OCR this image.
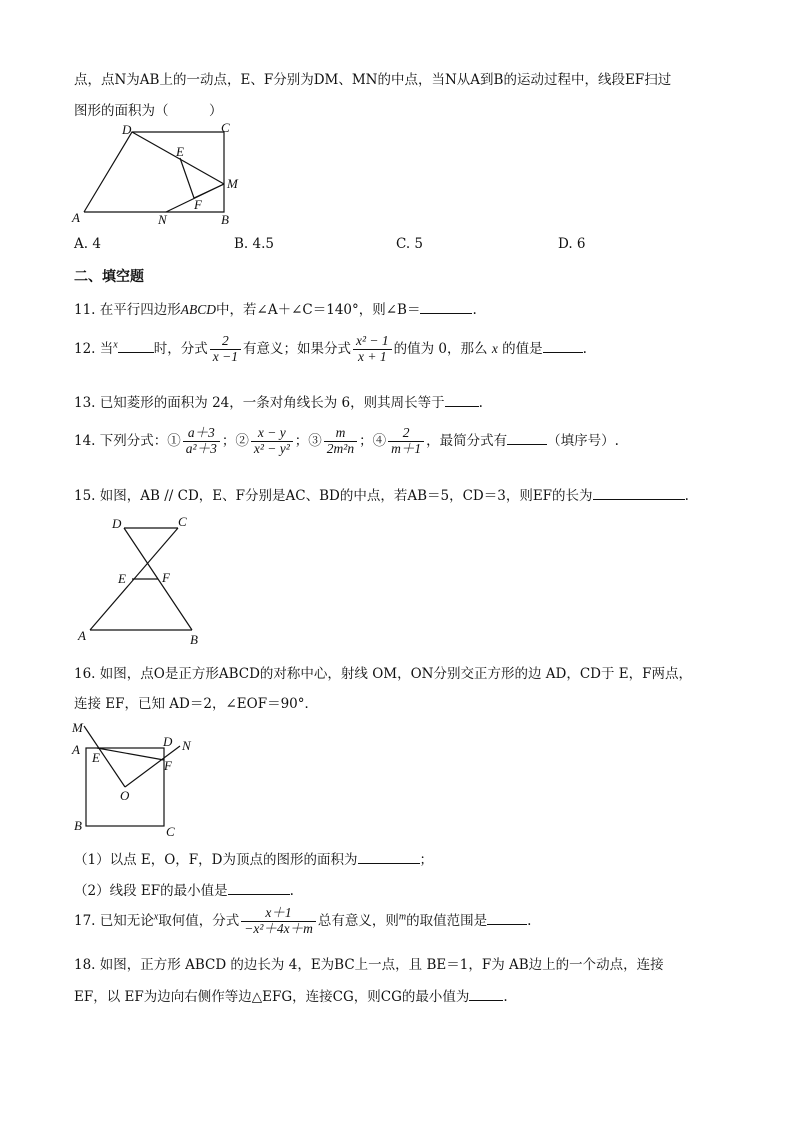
点，点N为AB上的一动点，E、F分别为DM、MN的中点，当N从A到B的运动过程中，线段EF扫过
图形的面积为（　　　）
D	C
E
M
F
A	N	B
A. 4	B. 4.5	C. 5	D. 6
二、填空题
11. 在平行四边形ABCD中，若∠A＋∠C＝140°，则∠B＝	.
12. 当$^x$	时，分式 $\frac{2}{x -1}$ 有意义；如果分式 $\frac{\text{x² − 1}}{x + 1}$ 的值为 0，那么 x 的值是	.
13. 已知菱形的面积为 24，一条对角线长为 6，则其周长等于	.
14. 下列分式：① $\frac{a+3}{\text{a²＋3}}$ ；② $\frac{x - y}{\text{x² − y²}}$ ；③ $\frac{m}{\text{2m²n}}$ ；④ $\frac{2}{m+1}$ ，最简分式有	（填序号）.
15. 如图，AB // CD，E、F分别是AC、BD的中点，若AB＝5，CD＝3，则EF的长为	.
D	C
E	F
A	B
16. 如图，点O是正方形ABCD的对称中心，射线 OM，ON分别交正方形的边 AD，CD于 E，F两点，
连接 EF，已知 AD＝2，∠EOF＝90°．
M
A
E
D N
F
O
B	C
（1）以点 E，O，F，D为顶点的图形的面积为	；
（2）线段 EF的最小值是	.
17. 已知无论$^x$取何值，分式 $\frac{x+1}{\text{−x²＋4x＋m}}$ 总有意义，则$^m$的取值范围是	.
18. 如图，正方形 ABCD 的边长为 4，E为BC上一点，且 BE＝1，F为 AB边上的一个动点，连接
EF，以 EF为边向右侧作等边△EFG，连接CG，则CG的最小值为	.
